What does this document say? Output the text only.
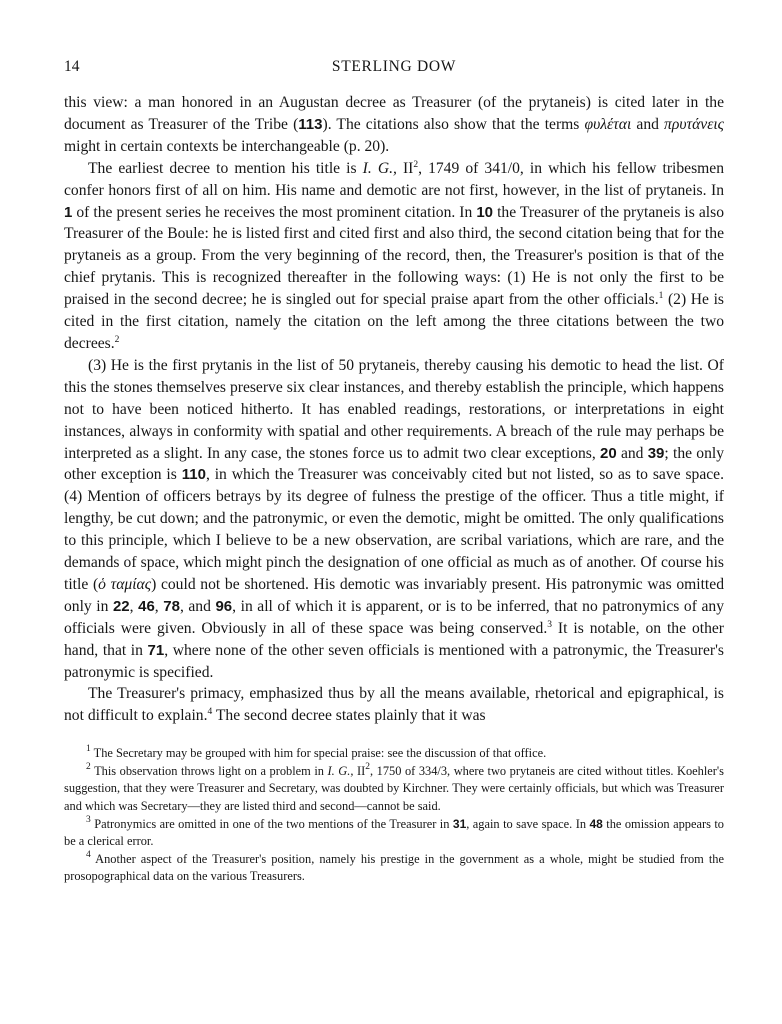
14	STERLING DOW

this view: a man honored in an Augustan decree as Treasurer (of the prytaneis) is cited later in the document as Treasurer of the Tribe (113). The citations also show that the terms φυλέται and πρυτάνεις might in certain contexts be interchangeable (p. 20).

The earliest decree to mention his title is I. G., $II^2$, 1749 of 341/0, in which his fellow tribesmen confer honors first of all on him. His name and demotic are not first, however, in the list of prytaneis. In 1 of the present series he receives the most prominent citation. In 10 the Treasurer of the prytaneis is also Treasurer of the Boule: he is listed first and cited first and also third, the second citation being that for the prytaneis as a group. From the very beginning of the record, then, the Treasurer's position is that of the chief prytanis. This is recognized thereafter in the following ways: (1) He is not only the first to be praised in the second decree; he is singled out for special praise apart from the other officials.$^1$ (2) He is cited in the first citation, namely the citation on the left among the three citations between the two decrees.$^2$

(3) He is the first prytanis in the list of 50 prytaneis, thereby causing his demotic to head the list. Of this the stones themselves preserve six clear instances, and thereby establish the principle, which happens not to have been noticed hitherto. It has enabled readings, restorations, or interpretations in eight instances, always in conformity with spatial and other requirements. A breach of the rule may perhaps be interpreted as a slight. In any case, the stones force us to admit two clear exceptions, 20 and 39; the only other exception is 110, in which the Treasurer was conceivably cited but not listed, so as to save space. (4) Mention of officers betrays by its degree of fulness the prestige of the officer. Thus a title might, if lengthy, be cut down; and the patronymic, or even the demotic, might be omitted. The only qualifications to this principle, which I believe to be a new observation, are scribal variations, which are rare, and the demands of space, which might pinch the designation of one official as much as of another. Of course his title (ὁ ταμίας) could not be shortened. His demotic was invariably present. His patronymic was omitted only in 22, 46, 78, and 96, in all of which it is apparent, or is to be inferred, that no patronymics of any officials were given. Obviously in all of these space was being conserved.$^3$ It is notable, on the other hand, that in 71, where none of the other seven officials is mentioned with a patronymic, the Treasurer's patronymic is specified.

The Treasurer's primacy, emphasized thus by all the means available, rhetorical and epigraphical, is not difficult to explain.$^4$ The second decree states plainly that it was

$^1$ The Secretary may be grouped with him for special praise: see the discussion of that office.

$^2$ This observation throws light on a problem in I. G., $II^2$, 1750 of 334/3, where two prytaneis are cited without titles. Koehler's suggestion, that they were Treasurer and Secretary, was doubted by Kirchner. They were certainly officials, but which was Treasurer and which was Secretary—they are listed third and second—cannot be said.

$^3$ Patronymics are omitted in one of the two mentions of the Treasurer in 31, again to save space. In 48 the omission appears to be a clerical error.

$^4$ Another aspect of the Treasurer's position, namely his prestige in the government as a whole, might be studied from the prosopographical data on the various Treasurers.
